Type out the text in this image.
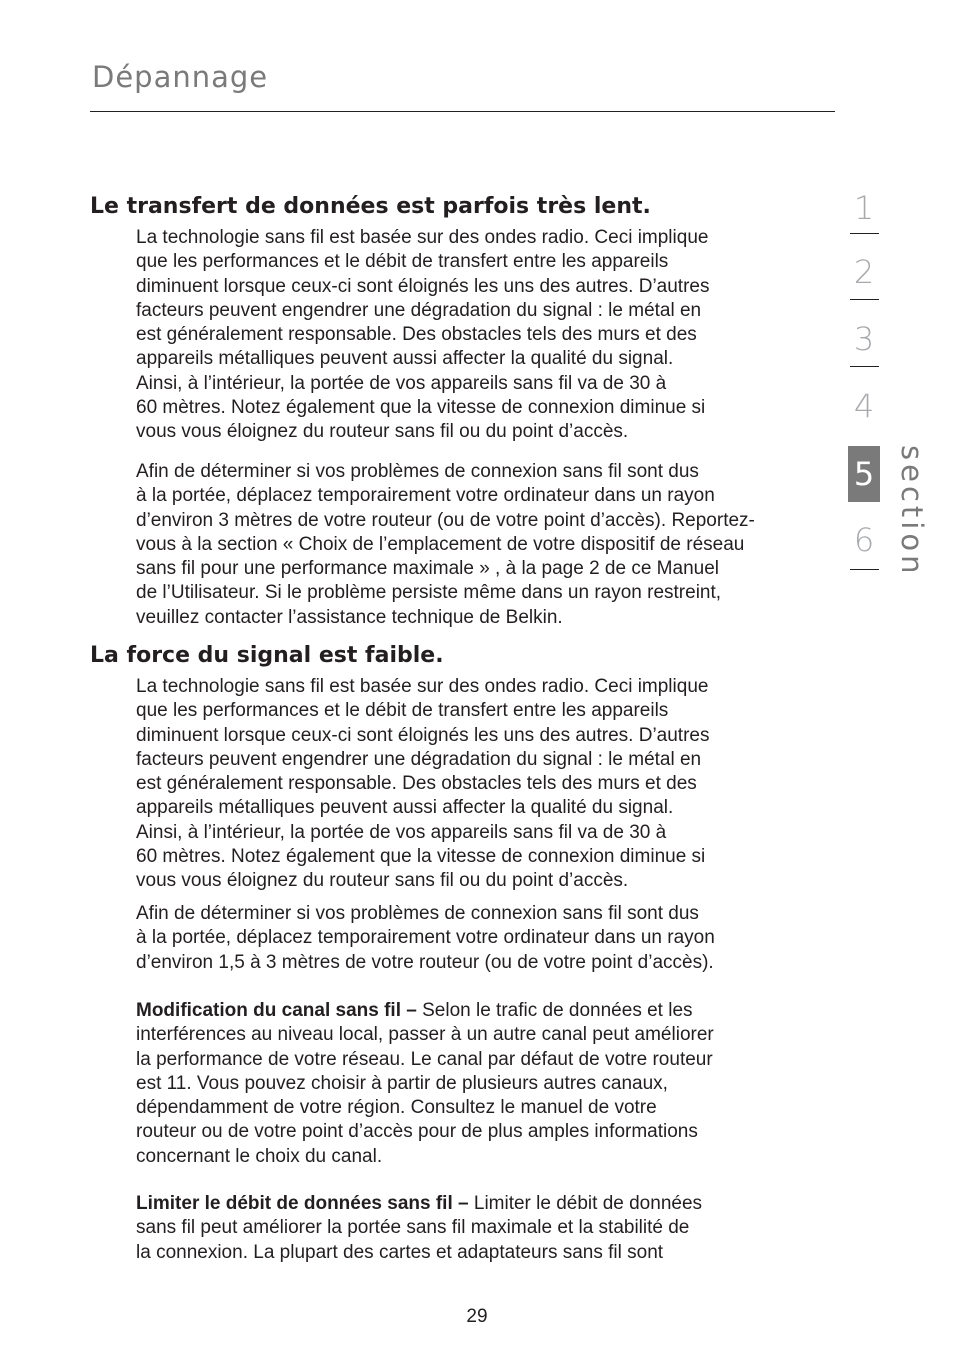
Dépannage
Le transfert de données est parfois très lent.

La technologie sans fil est basée sur des ondes radio. Ceci implique
que les performances et le débit de transfert entre les appareils
diminuent lorsque ceux-ci sont éloignés les uns des autres. D’autres
facteurs peuvent engendrer une dégradation du signal : le métal en
est généralement responsable. Des obstacles tels des murs et des
appareils métalliques peuvent aussi affecter la qualité du signal.
Ainsi, à l’intérieur, la portée de vos appareils sans fil va de 30 à
60 mètres. Notez également que la vitesse de connexion diminue si
vous vous éloignez du routeur sans fil ou du point d’accès.

Afin de déterminer si vos problèmes de connexion sans fil sont dus
à la portée, déplacez temporairement votre ordinateur dans un rayon
d’environ 3 mètres de votre routeur (ou de votre point d’accès). Reportez-
vous à la section « Choix de l’emplacement de votre dispositif de réseau
sans fil pour une performance maximale » , à la page 2 de ce Manuel
de l’Utilisateur. Si le problème persiste même dans un rayon restreint,
veuillez contacter l’assistance technique de Belkin.

La force du signal est faible.

La technologie sans fil est basée sur des ondes radio. Ceci implique
que les performances et le débit de transfert entre les appareils
diminuent lorsque ceux-ci sont éloignés les uns des autres. D’autres
facteurs peuvent engendrer une dégradation du signal : le métal en
est généralement responsable. Des obstacles tels des murs et des
appareils métalliques peuvent aussi affecter la qualité du signal.
Ainsi, à l’intérieur, la portée de vos appareils sans fil va de 30 à
60 mètres. Notez également que la vitesse de connexion diminue si
vous vous éloignez du routeur sans fil ou du point d’accès.

Afin de déterminer si vos problèmes de connexion sans fil sont dus
à la portée, déplacez temporairement votre ordinateur dans un rayon
d’environ 1,5 à 3 mètres de votre routeur (ou de votre point d’accès).

Modification du canal sans fil – Selon le trafic de données et les
interférences au niveau local, passer à un autre canal peut améliorer
la performance de votre réseau. Le canal par défaut de votre routeur
est 11. Vous pouvez choisir à partir de plusieurs autres canaux,
dépendamment de votre région. Consultez le manuel de votre
routeur ou de votre point d’accès pour de plus amples informations
concernant le choix du canal.

Limiter le débit de données sans fil – Limiter le débit de données
sans fil peut améliorer la portée sans fil maximale et la stabilité de
la connexion. La plupart des cartes et adaptateurs sans fil sont

1
2
3
4
5
6 section
29
